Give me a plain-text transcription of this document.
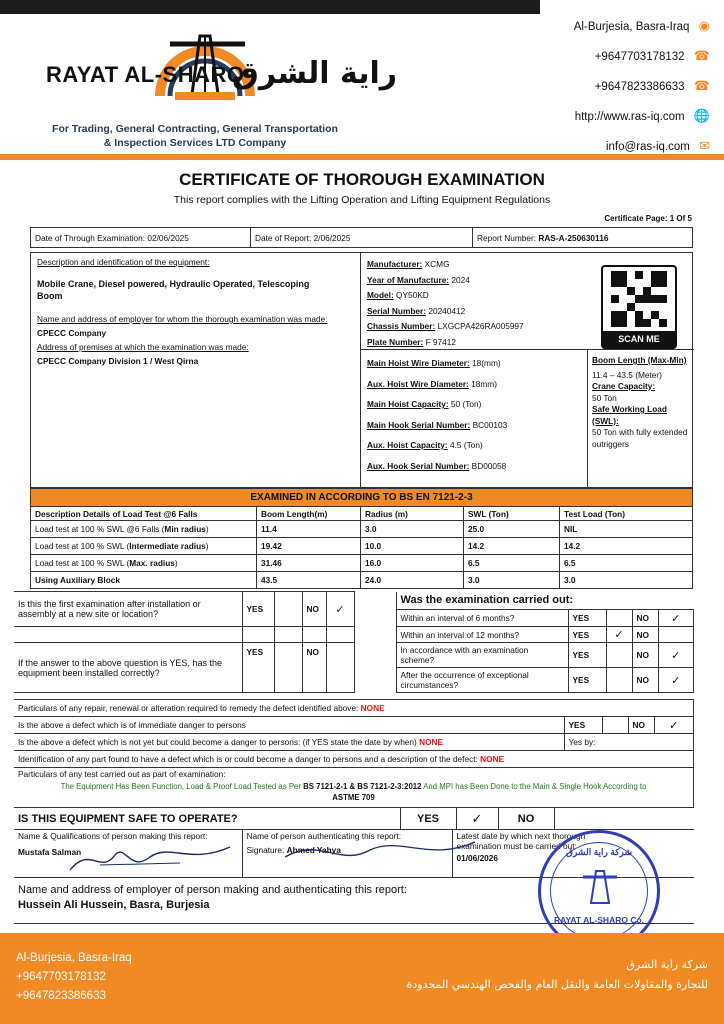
RAYAT AL-SHARQ
راية الشرق
For Trading, General Contracting, General Transportation
& Inspection Services LTD Company
Al-Burjesia, Basra-Iraq ◉
+9647703178132 ☎
+9647823386633 ☎
http://www.ras-iq.com 🌐
info@ras-iq.com ✉
CERTIFICATE OF THOROUGH EXAMINATION
This report complies with the Lifting Operation and Lifting Equipment Regulations
Certificate Page: 1 Of 5
Date of Through Examination: 02/06/2025	Date of Report: 2/06/2025	Report Number: RAS-A-250630116
Description and identification of the equipment:
Mobile Crane, Diesel powered, Hydraulic Operated, Telescoping Boom
Name and address of employer for whom the thorough examination was made:
CPECC Company
Address of premises at which the examination was made:
CPECC Company Division 1 / West Qirna
Manufacturer: XCMG
Year of Manufacture: 2024
Model: QY50KD
Serial Number: 20240412
Chassis Number: LXGCPA426RA005997
Plate Number: F 97412	SCAN ME
Main Hoist Wire Diameter: 18(mm)
Aux. Hoist Wire Diameter: 18mm)
Main Hoist Capacity: 50 (Ton)
Main Hook Serial Number: BC00103
Aux. Hoist Capacity: 4.5 (Ton)
Aux. Hook Serial Number: BD00058
Boom Length (Max-Min)
11.4 – 43.5 (Meter)
Crane Capacity:
50 Ton
Safe Working Load (SWL):
50 Ton with fully extended outriggers
EXAMINED IN ACCORDING TO BS EN 7121-2-3				
Description Details of Load Test @6 Falls	Boom Length(m)	Radius (m)	SWL (Ton)	Test Load (Ton)
Load test at 100 % SWL @6 Falls (Min radius)	11.4	3.0	25.0	NIL
Load test at 100 % SWL (Intermediate radius)	19.42	10.0	14.2	14.2
Load test at 100 % SWL (Max. radius)	31.46	16.0	6.5	6.5
Using Auxiliary Block	43.5	24.0	3.0	3.0
Is this the first examination after installation or assembly at a new site or location?	YES		NO	✓		Was the examination carried out:				
						Within an interval of 6 months?	YES		NO	✓
						Within an interval of 12 months?	YES	✓	NO	
If the answer to the above question is YES, has the equipment been installed correctly?	YES		NO			In accordance with an examination scheme?	YES		NO	✓
						After the occurrence of exceptional circumstances?	YES		NO	✓
Particulars of any repair, renewal or alteration required to remedy the defect identified above: NONE
Is the above a defect which is of immediate danger to persons	YES		NO	✓
Is the above a defect which is not yet but could become a danger to persons: (if YES state the date by when) NONE	Yes by:
Identification of any part found to have a defect which is or could become a danger to persons and a description of the defect: NONE

Particulars of any test carried out as part of examination:
The Equipment Has Been Function, Load & Proof Load Tested as Per BS 7121-2-1 & BS 7121-2-3:2012 And MPI has Been Done to the Main & Single Hook According to
ASTME 709
IS THIS EQUIPMENT SAFE TO OPERATE?	YES	✓	NO	
Name & Qualifications of person making this report:
Mustafa Salman

Name of person authenticating this report:
Signature: Ahmed Yahya

Latest date by which next thorough examination must be carried out:
01/06/2026

Name and address of employer of person making and authenticating this report:
Hussein Ali Hussein, Basra, Burjesia
شركة راية الشرق
RAYAT AL-SHARQ Co.
Al-Burjesia, Basra-Iraq
+9647703178132
+9647823386633
شركة راية الشرق
للتجارة والمقاولات العامة والنقل العام والفحص الهندسي المحدودة
